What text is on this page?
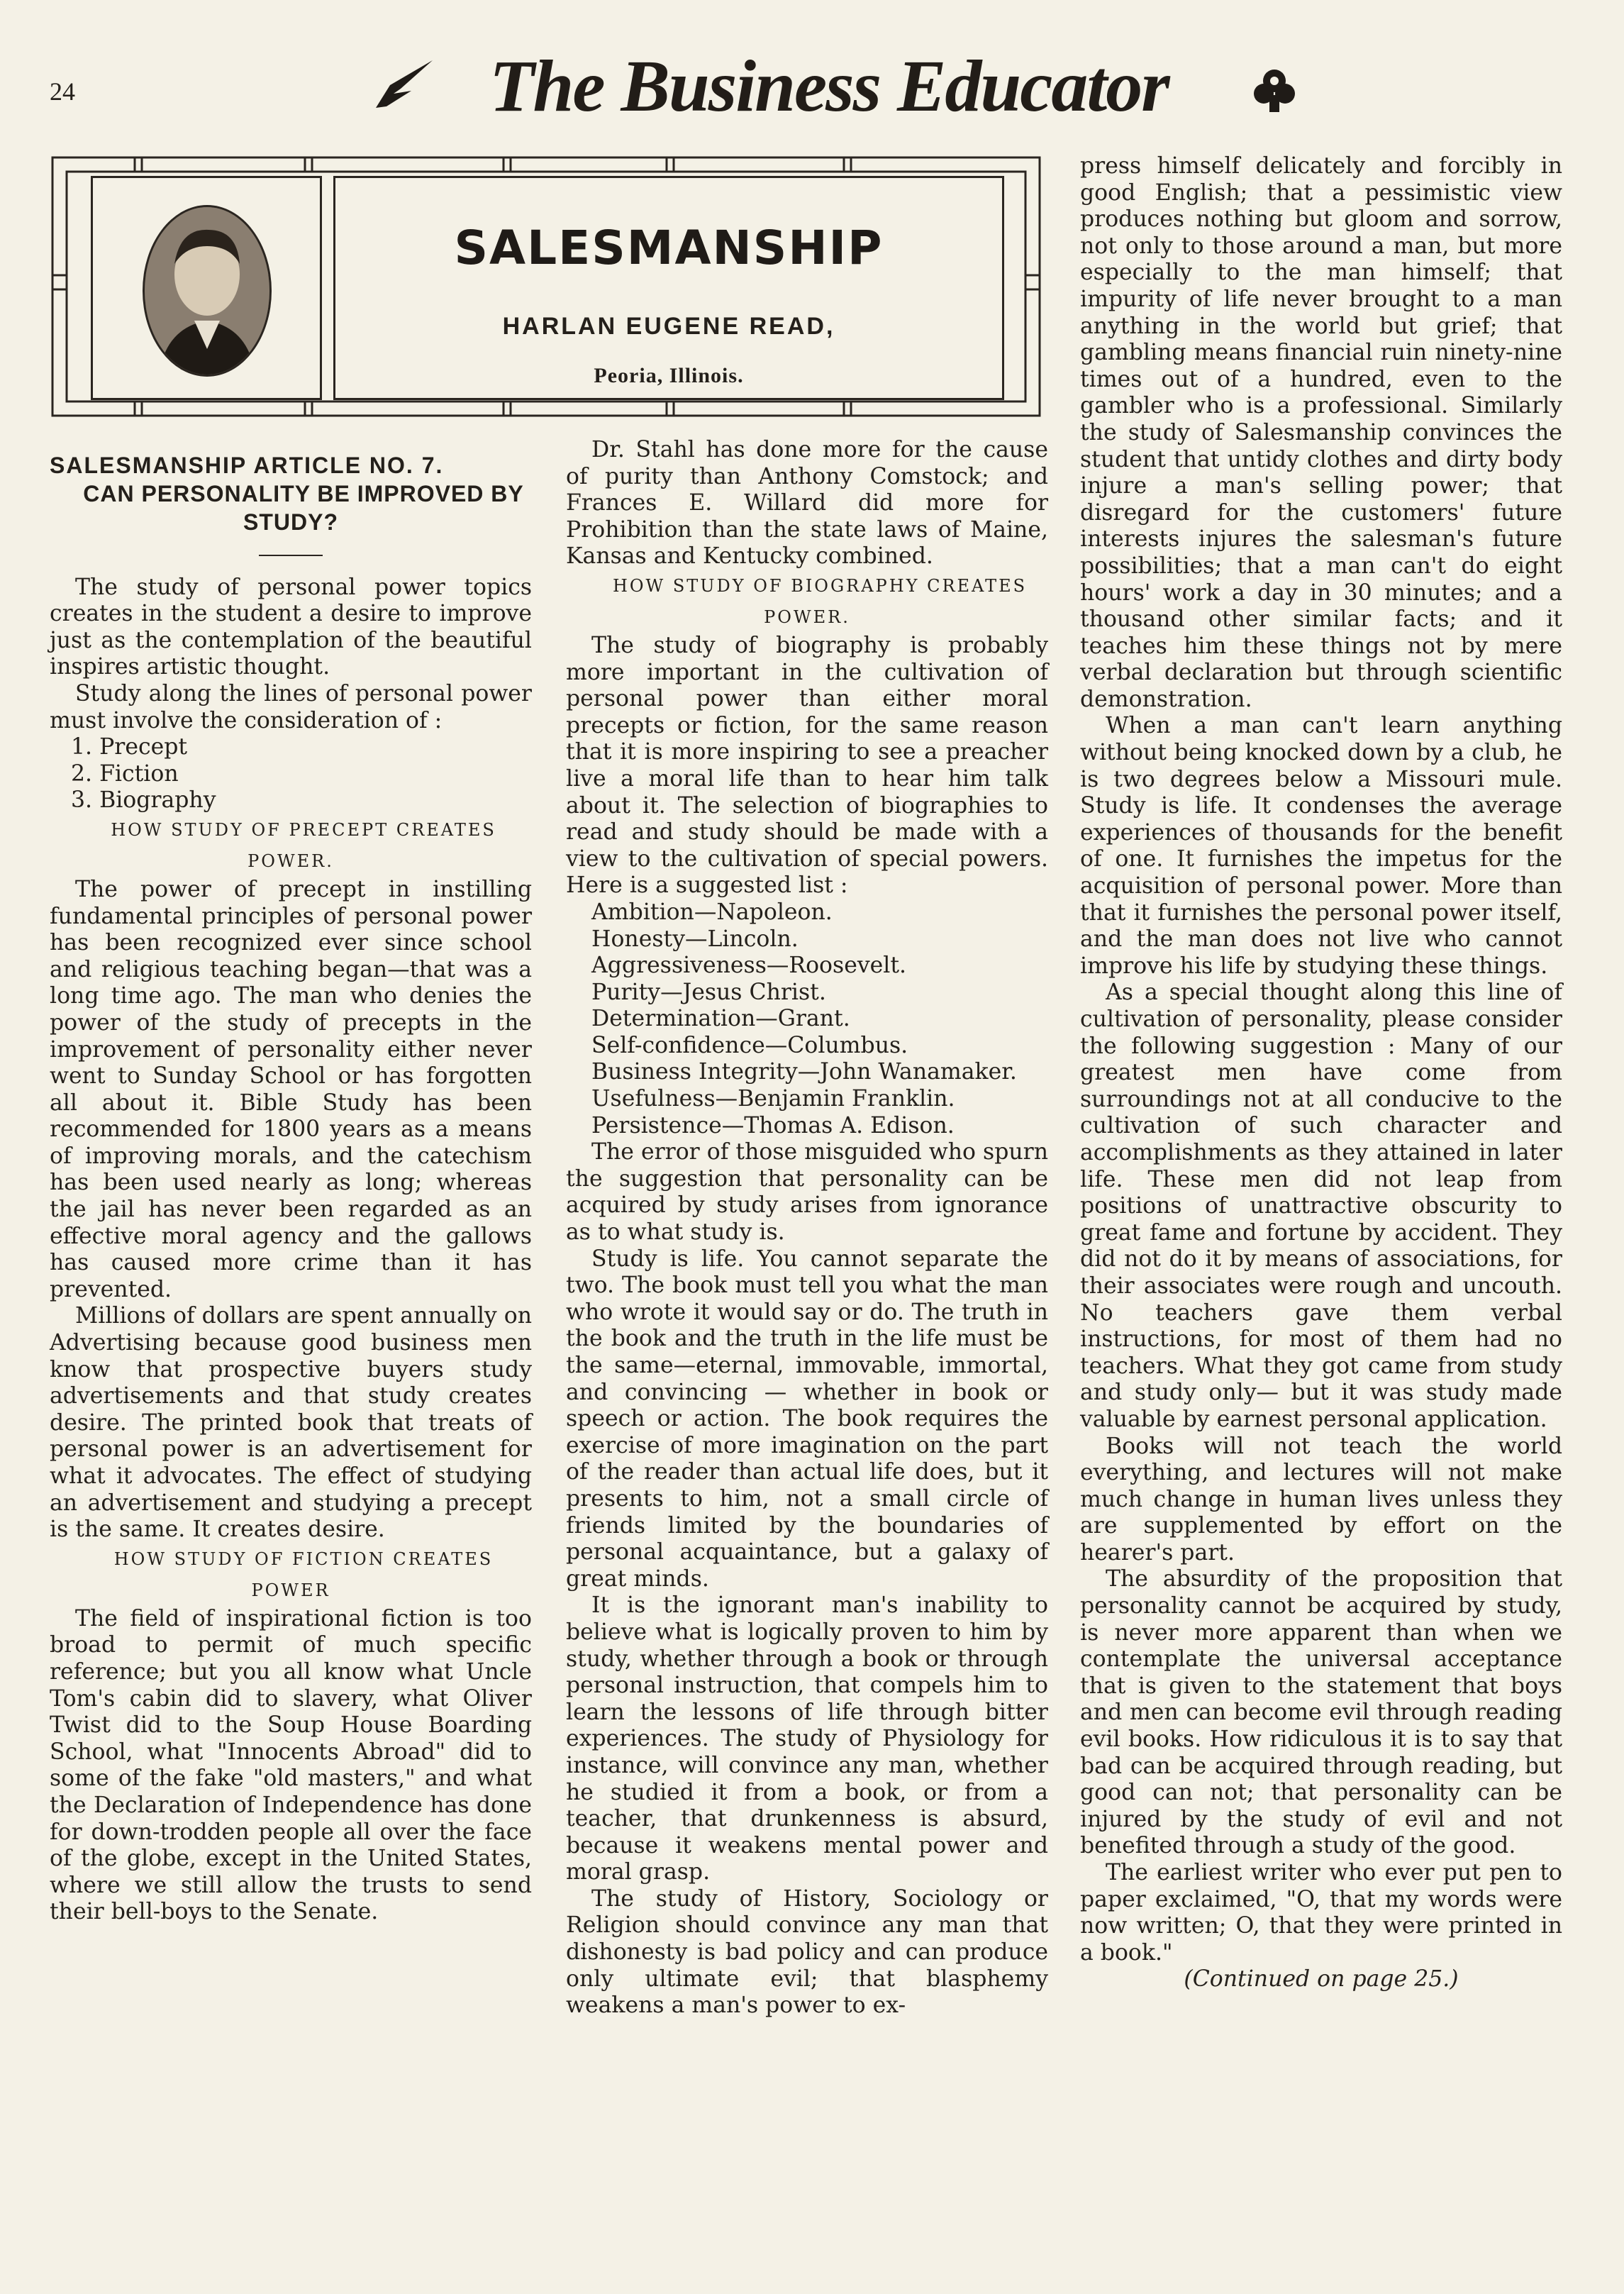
24	The Business Educator
SALESMANSHIP
HARLAN EUGENE READ,
Peoria, Illinois.

SALESMANSHIP ARTICLE NO. 7.

CAN PERSONALITY BE IMPROVED BY STUDY?

The study of personal power topics creates in the student a desire to improve just as the contemplation of the beautiful inspires artistic thought.

Study along the lines of personal power must involve the consideration of :

1. Precept

2. Fiction

3. Biography

HOW STUDY OF PRECEPT CREATES POWER.

The power of precept in instilling fundamental principles of personal power has been recognized ever since school and religious teaching began—that was a long time ago. The man who denies the power of the study of precepts in the improvement of personality either never went to Sunday School or has forgotten all about it. Bible Study has been recommended for 1800 years as a means of improving morals, and the catechism has been used nearly as long; whereas the jail has never been regarded as an effective moral agency and the gallows has caused more crime than it has prevented.

Millions of dollars are spent annually on Advertising because good business men know that prospective buyers study advertisements and that study creates desire. The printed book that treats of personal power is an advertisement for what it advocates. The effect of studying an advertisement and studying a precept is the same. It creates desire.

HOW STUDY OF FICTION CREATES POWER

The field of inspirational fiction is too broad to permit of much specific reference; but you all know what Uncle Tom's cabin did to slavery, what Oliver Twist did to the Soup House Boarding School, what "Innocents Abroad" did to some of the fake "old masters," and what the Declaration of Independence has done for down-trodden people all over the face of the globe, except in the United States, where we still allow the trusts to send their bell-boys to the Senate.

Dr. Stahl has done more for the cause of purity than Anthony Comstock; and Frances E. Willard did more for Prohibition than the state laws of Maine, Kansas and Kentucky combined.

HOW STUDY OF BIOGRAPHY CREATES POWER.

The study of biography is probably more important in the cultivation of personal power than either moral precepts or fiction, for the same reason that it is more inspiring to see a preacher live a moral life than to hear him talk about it. The selection of biographies to read and study should be made with a view to the cultivation of special powers. Here is a suggested list :

Ambition—Napoleon.

Honesty—Lincoln.

Aggressiveness—Roosevelt.

Purity—Jesus Christ.

Determination—Grant.

Self-confidence—Columbus.

Business Integrity—John Wanamaker.

Usefulness—Benjamin Franklin.

Persistence—Thomas A. Edison.

The error of those misguided who spurn the suggestion that personality can be acquired by study arises from ignorance as to what study is.

Study is life. You cannot separate the two. The book must tell you what the man who wrote it would say or do. The truth in the book and the truth in the life must be the same—eternal, immovable, immortal, and convincing — whether in book or speech or action. The book requires the exercise of more imagination on the part of the reader than actual life does, but it presents to him, not a small circle of friends limited by the boundaries of personal acquaintance, but a galaxy of great minds.

It is the ignorant man's inability to believe what is logically proven to him by study, whether through a book or through personal instruction, that compels him to learn the lessons of life through bitter experiences. The study of Physiology for instance, will convince any man, whether he studied it from a book, or from a teacher, that drunkenness is absurd, because it weakens mental power and moral grasp.

The study of History, Sociology or Religion should convince any man that dishonesty is bad policy and can produce only ultimate evil; that blasphemy weakens a man's power to ex-

press himself delicately and forcibly in good English; that a pessimistic view produces nothing but gloom and sorrow, not only to those around a man, but more especially to the man himself; that impurity of life never brought to a man anything in the world but grief; that gambling means financial ruin ninety-nine times out of a hundred, even to the gambler who is a professional. Similarly the study of Salesmanship convinces the student that untidy clothes and dirty body injure a man's selling power; that disregard for the customers' future interests injures the salesman's future possibilities; that a man can't do eight hours' work a day in 30 minutes; and a thousand other similar facts; and it teaches him these things not by mere verbal declaration but through scientific demonstration.

When a man can't learn anything without being knocked down by a club, he is two degrees below a Missouri mule. Study is life. It condenses the average experiences of thousands for the benefit of one. It furnishes the impetus for the acquisition of personal power. More than that it furnishes the personal power itself, and the man does not live who cannot improve his life by studying these things.

As a special thought along this line of cultivation of personality, please consider the following suggestion : Many of our greatest men have come from surroundings not at all conducive to the cultivation of such character and accomplishments as they attained in later life. These men did not leap from positions of unattractive obscurity to great fame and fortune by accident. They did not do it by means of associations, for their associates were rough and uncouth. No teachers gave them verbal instructions, for most of them had no teachers. What they got came from study and study only— but it was study made valuable by earnest personal application.

Books will not teach the world everything, and lectures will not make much change in human lives unless they are supplemented by effort on the hearer's part.

The absurdity of the proposition that personality cannot be acquired by study, is never more apparent than when we contemplate the universal acceptance that is given to the statement that boys and men can become evil through reading evil books. How ridiculous it is to say that bad can be acquired through reading, but good can not; that personality can be injured by the study of evil and not benefited through a study of the good.

The earliest writer who ever put pen to paper exclaimed, "O, that my words were now written; O, that they were printed in a book."

(Continued on page 25.)
